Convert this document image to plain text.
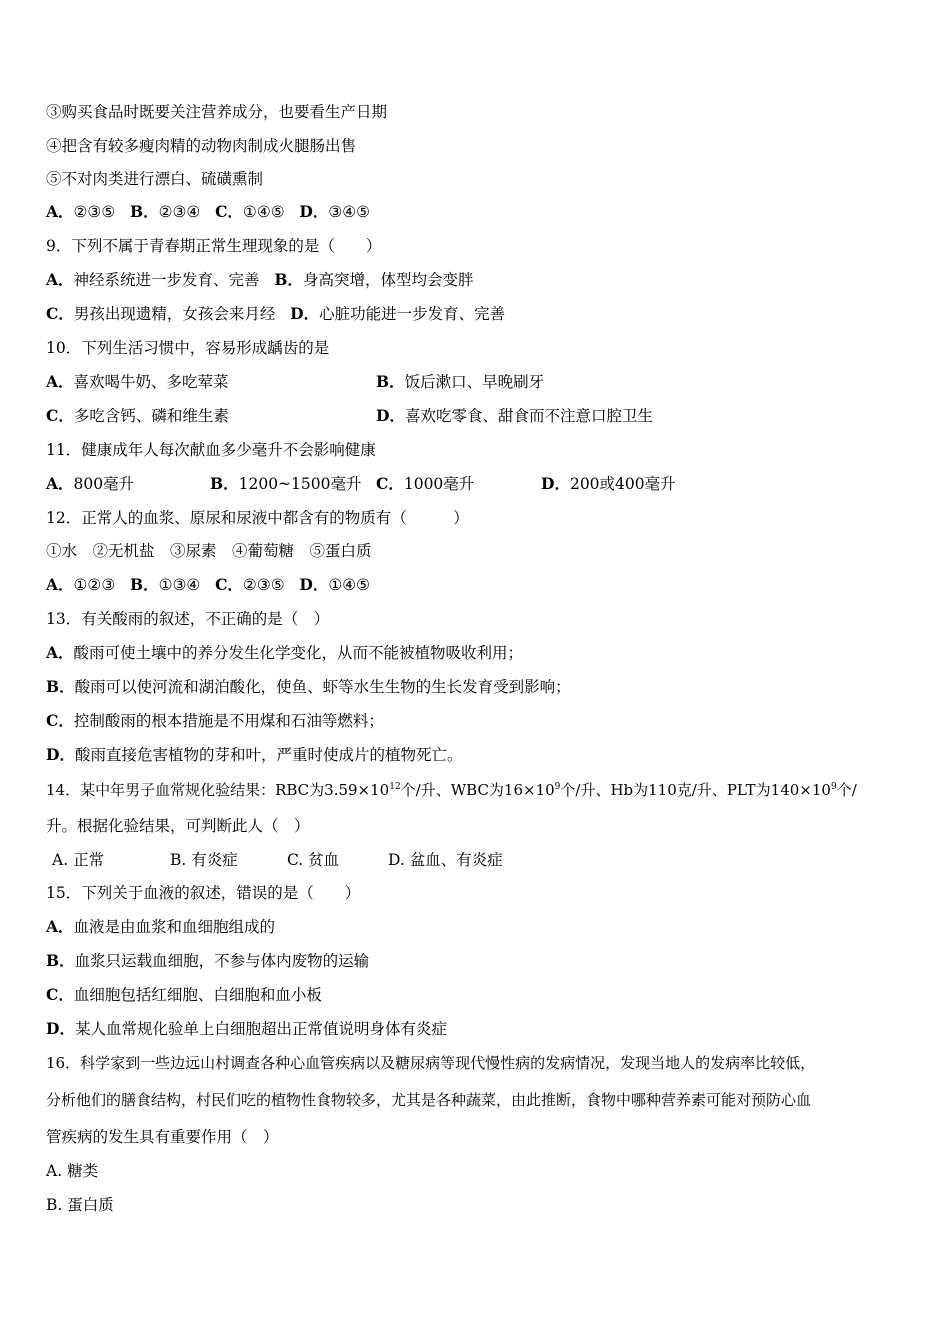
③购买食品时既要关注营养成分，也要看生产日期
④把含有较多瘦肉精的动物肉制成火腿肠出售
⑤不对肉类进行漂白、硫磺熏制
A．②③⑤ B．②③④ C．①④⑤ D．③④⑤
9．下列不属于青春期正常生理现象的是（　　）
A．神经系统进一步发育、完善 B．身高突增，体型均会变胖
C．男孩出现遗精，女孩会来月经 D．心脏功能进一步发育、完善
10．下列生活习惯中，容易形成龋齿的是
A．喜欢喝牛奶、多吃荤菜	B．饭后漱口、早晚刷牙
C．多吃含钙、磷和维生素	D．喜欢吃零食、甜食而不注意口腔卫生
11．健康成年人每次献血多少毫升不会影响健康
A．800毫升	B．1200~1500毫升 C．1000毫升	D．200或400毫升
12．正常人的血浆、原尿和尿液中都含有的物质有（　　　）
①水　②无机盐　③尿素　④葡萄糖　⑤蛋白质
A．①②③ B．①③④ C．②③⑤ D．①④⑤
13．有关酸雨的叙述，不正确的是（　）
A．酸雨可使土壤中的养分发生化学变化，从而不能被植物吸收利用；
B．酸雨可以使河流和湖泊酸化，使鱼、虾等水生生物的生长发育受到影响；
C．控制酸雨的根本措施是不用煤和石油等燃料；
D．酸雨直接危害植物的芽和叶，严重时使成片的植物死亡。
14．某中年男子血常规化验结果：RBC为$3.59\times 10^{12}$个/升、WBC为$16\times 10^9$个/升、Hb为110克/升、PLT为$140\times 10^9$个/
升。根据化验结果，可判断此人（　）
A. 正常	B. 有炎症	C. 贫血	D. 盆血、有炎症
15．下列关于血液的叙述，错误的是（　　）
A．血液是由血浆和血细胞组成的
B．血浆只运载血细胞，不参与体内废物的运输
C．血细胞包括红细胞、白细胞和血小板
D．某人血常规化验单上白细胞超出正常值说明身体有炎症
16．科学家到一些边远山村调查各种心血管疾病以及糖尿病等现代慢性病的发病情况，发现当地人的发病率比较低，
分析他们的膳食结构，村民们吃的植物性食物较多，尤其是各种蔬菜，由此推断，食物中哪种营养素可能对预防心血
管疾病的发生具有重要作用（　）
A. 糖类
B. 蛋白质
